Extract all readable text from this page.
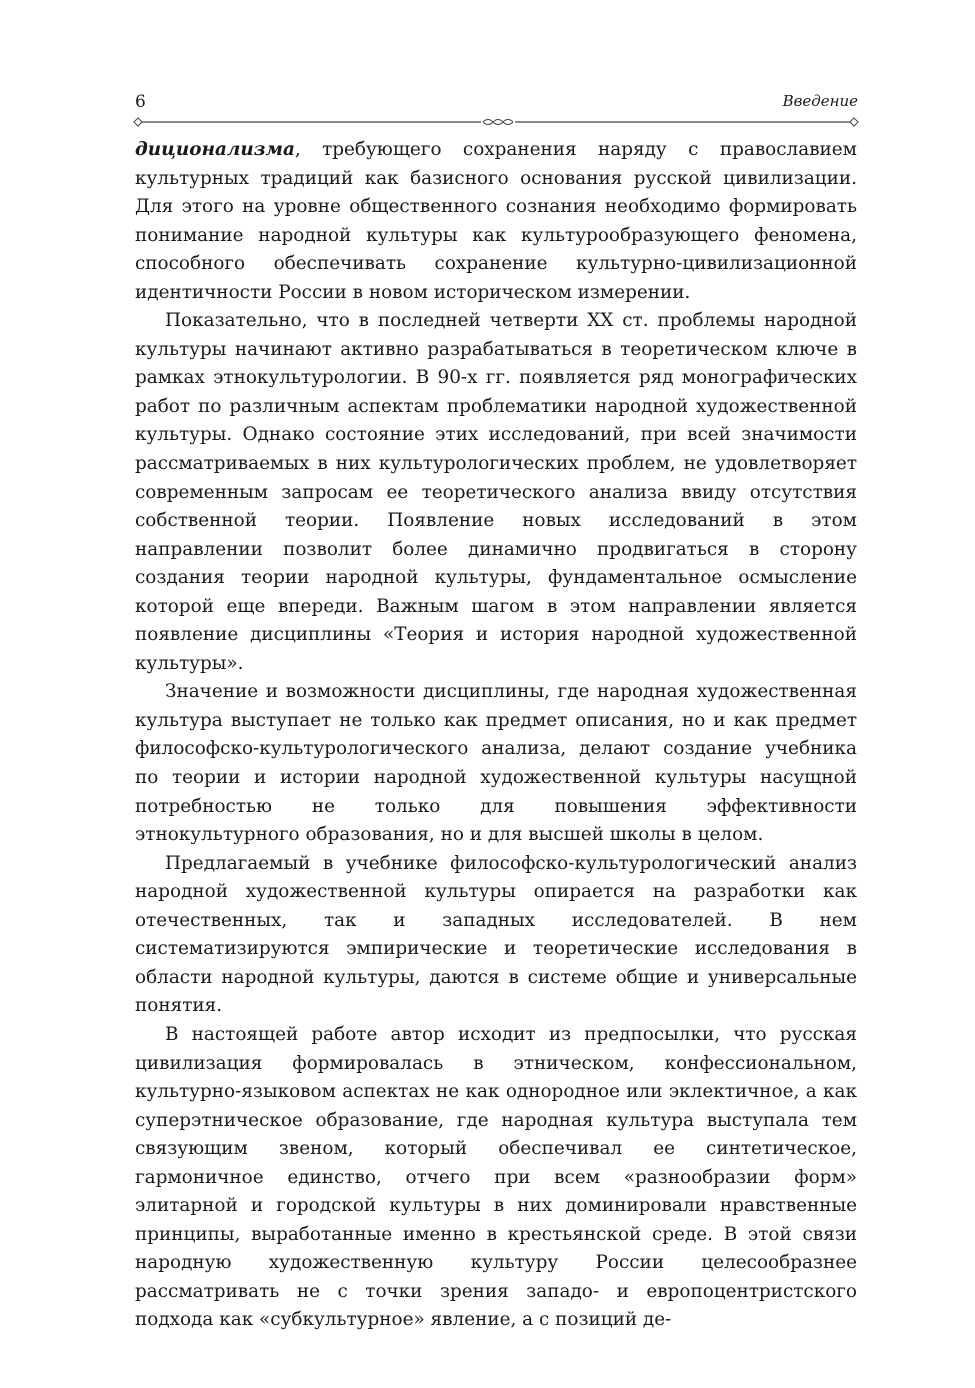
6	Введение

диционализма, требующего сохранения наряду с православием культурных традиций как базисного основания русской цивилизации. Для этого на уровне общественного сознания необходимо формировать понимание народной культуры как культурообразующего феномена, способного обеспечивать сохранение культурно-цивилизационной идентичности России в новом историческом измерении.

Показательно, что в последней четверти XX ст. проблемы народной культуры начинают активно разрабатываться в теоретическом ключе в рамках этнокультурологии. В 90-х гг. появляется ряд монографических работ по различным аспектам проблематики народной художественной культуры. Однако состояние этих исследований, при всей значимости рассматриваемых в них культурологических проблем, не удовлетворяет современным запросам ее теоретического анализа ввиду отсутствия собственной теории. Появление новых исследований в этом направлении позволит более динамично продвигаться в сторону создания теории народной культуры, фундаментальное осмысление которой еще впереди. Важным шагом в этом направлении является появление дисциплины «Теория и история народной художественной культуры».

Значение и возможности дисциплины, где народная художественная культура выступает не только как предмет описания, но и как предмет философско-культурологического анализа, делают создание учебника по теории и истории народной художественной культуры насущной потребностью не только для повышения эффективности этнокультурного образования, но и для высшей школы в целом.

Предлагаемый в учебнике философско-культурологический анализ народной художественной культуры опирается на разработки как отечественных, так и западных исследователей. В нем систематизируются эмпирические и теоретические исследования в области народной культуры, даются в системе общие и универсальные понятия.

В настоящей работе автор исходит из предпосылки, что русская цивилизация формировалась в этническом, конфессиональном, культурно-языковом аспектах не как однородное или эклектичное, а как суперэтническое образование, где народная культура выступала тем связующим звеном, который обеспечивал ее синтетическое, гармоничное единство, отчего при всем «разнообразии форм» элитарной и городской культуры в них доминировали нравственные принципы, выработанные именно в крестьянской среде. В этой связи народную художественную культуру России целесообразнее рассматривать не с точки зрения западо- и европоцентристского подхода как «субкультурное» явление, а с позиций де-
